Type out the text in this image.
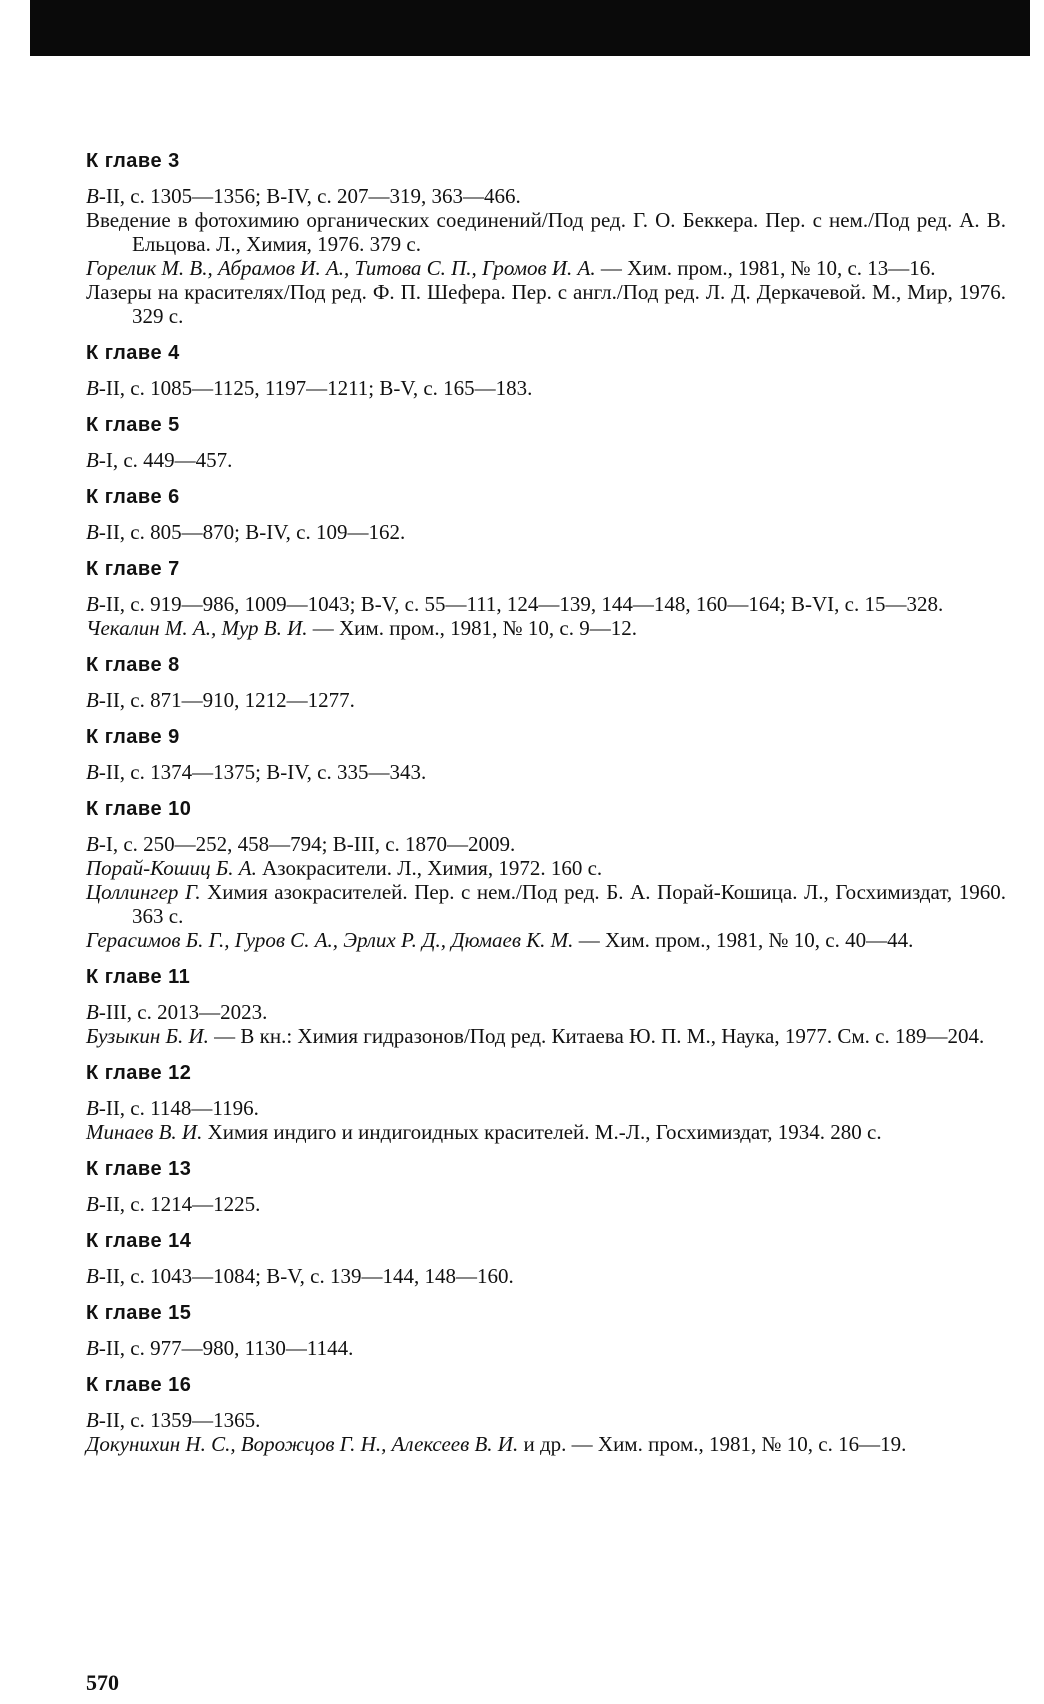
К главе 3

В-II, с. 1305—1356; В-IV, с. 207—319, 363—466.

Введение в фотохимию органических соединений/Под ред. Г. О. Беккера. Пер. с нем./Под ред. А. В. Ельцова. Л., Химия, 1976. 379 с.

Горелик М. В., Абрамов И. А., Титова С. П., Громов И. А. — Хим. пром., 1981, № 10, с. 13—16.

Лазеры на красителях/Под ред. Ф. П. Шефера. Пер. с англ./Под ред. Л. Д. Деркачевой. М., Мир, 1976. 329 с.

К главе 4

В-II, с. 1085—1125, 1197—1211; В-V, с. 165—183.

К главе 5

В-I, с. 449—457.

К главе 6

В-II, с. 805—870; В-IV, с. 109—162.

К главе 7

В-II, с. 919—986, 1009—1043; В-V, с. 55—111, 124—139, 144—148, 160—164; В-VI, с. 15—328.

Чекалин М. А., Мур В. И. — Хим. пром., 1981, № 10, с. 9—12.

К главе 8

В-II, с. 871—910, 1212—1277.

К главе 9

В-II, с. 1374—1375; В-IV, с. 335—343.

К главе 10

В-I, с. 250—252, 458—794; В-III, с. 1870—2009.

Порай-Кошиц Б. А. Азокрасители. Л., Химия, 1972. 160 с.

Цоллингер Г. Химия азокрасителей. Пер. с нем./Под ред. Б. А. Порай-Кошица. Л., Госхимиздат, 1960. 363 с.

Герасимов Б. Г., Гуров С. А., Эрлих Р. Д., Дюмаев К. М. — Хим. пром., 1981, № 10, с. 40—44.

К главе 11

В-III, с. 2013—2023.

Бузыкин Б. И. — В кн.: Химия гидразонов/Под ред. Китаева Ю. П. М., Наука, 1977. См. с. 189—204.

К главе 12

В-II, с. 1148—1196.

Минаев В. И. Химия индиго и индигоидных красителей. М.-Л., Госхимиздат, 1934. 280 с.

К главе 13

В-II, с. 1214—1225.

К главе 14

В-II, с. 1043—1084; В-V, с. 139—144, 148—160.

К главе 15

В-II, с. 977—980, 1130—1144.

К главе 16

В-II, с. 1359—1365.

Докунихин Н. С., Ворожцов Г. Н., Алексеев В. И. и др. — Хим. пром., 1981, № 10, с. 16—19.

570
